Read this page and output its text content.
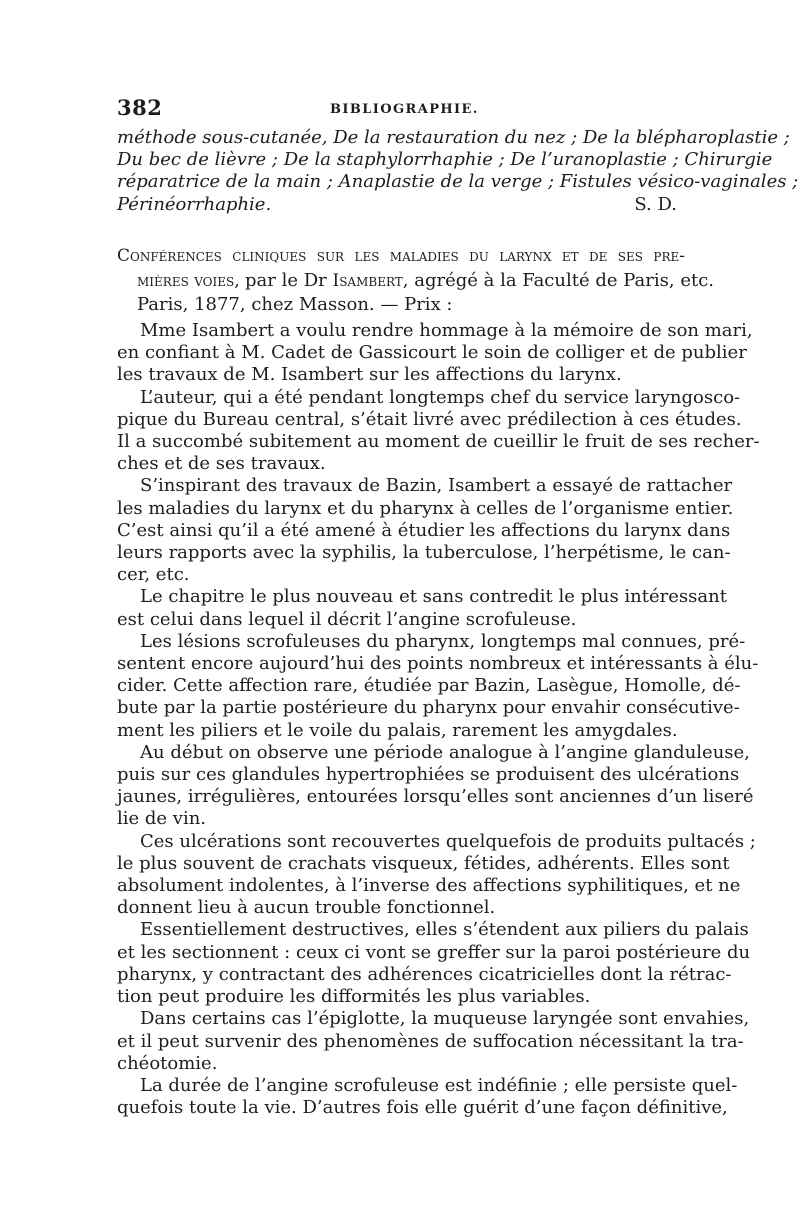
382	BIBLIOGRAPHIE.
méthode sous-cutanée, De la restauration du nez ; De la blépharoplastie ;
Du bec de lièvre ; De la staphylorrhaphie ; De l’uranoplastie ; Chirurgie
réparatrice de la main ; Anaplastie de la verge ; Fistules vésico-vaginales ;
Périnéorrhaphie.	S. D.
Conférences cliniques sur les maladies du larynx et de ses pre-
mières voies, par le Dr Isambert, agrégé à la Faculté de Paris, etc.
Paris, 1877, chez Masson. — Prix :
Mme Isambert a voulu rendre hommage à la mémoire de son mari,
en confiant à M. Cadet de Gassicourt le soin de colliger et de publier
les travaux de M. Isambert sur les affections du larynx.
L’auteur, qui a été pendant longtemps chef du service laryngosco-
pique du Bureau central, s’était livré avec prédilection à ces études.
Il a succombé subitement au moment de cueillir le fruit de ses recher-
ches et de ses travaux.
S’inspirant des travaux de Bazin, Isambert a essayé de rattacher
les maladies du larynx et du pharynx à celles de l’organisme entier.
C’est ainsi qu’il a été amené à étudier les affections du larynx dans
leurs rapports avec la syphilis, la tuberculose, l’herpétisme, le can-
cer, etc.
Le chapitre le plus nouveau et sans contredit le plus intéressant
est celui dans lequel il décrit l’angine scrofuleuse.
Les lésions scrofuleuses du pharynx, longtemps mal connues, pré-
sentent encore aujourd’hui des points nombreux et intéressants à élu-
cider. Cette affection rare, étudiée par Bazin, Lasègue, Homolle, dé-
bute par la partie postérieure du pharynx pour envahir consécutive-
ment les piliers et le voile du palais, rarement les amygdales.
Au début on observe une période analogue à l’angine glanduleuse,
puis sur ces glandules hypertrophiées se produisent des ulcérations
jaunes, irrégulières, entourées lorsqu’elles sont anciennes d’un liseré
lie de vin.
Ces ulcérations sont recouvertes quelquefois de produits pultacés ;
le plus souvent de crachats visqueux, fétides, adhérents. Elles sont
absolument indolentes, à l’inverse des affections syphilitiques, et ne
donnent lieu à aucun trouble fonctionnel.
Essentiellement destructives, elles s’étendent aux piliers du palais
et les sectionnent : ceux ci vont se greffer sur la paroi postérieure du
pharynx, y contractant des adhérences cicatricielles dont la rétrac-
tion peut produire les difformités les plus variables.
Dans certains cas l’épiglotte, la muqueuse laryngée sont envahies,
et il peut survenir des phenomènes de suffocation nécessitant la tra-
chéotomie.
La durée de l’angine scrofuleuse est indéfinie ; elle persiste quel-
quefois toute la vie. D’autres fois elle guérit d’une façon définitive,
